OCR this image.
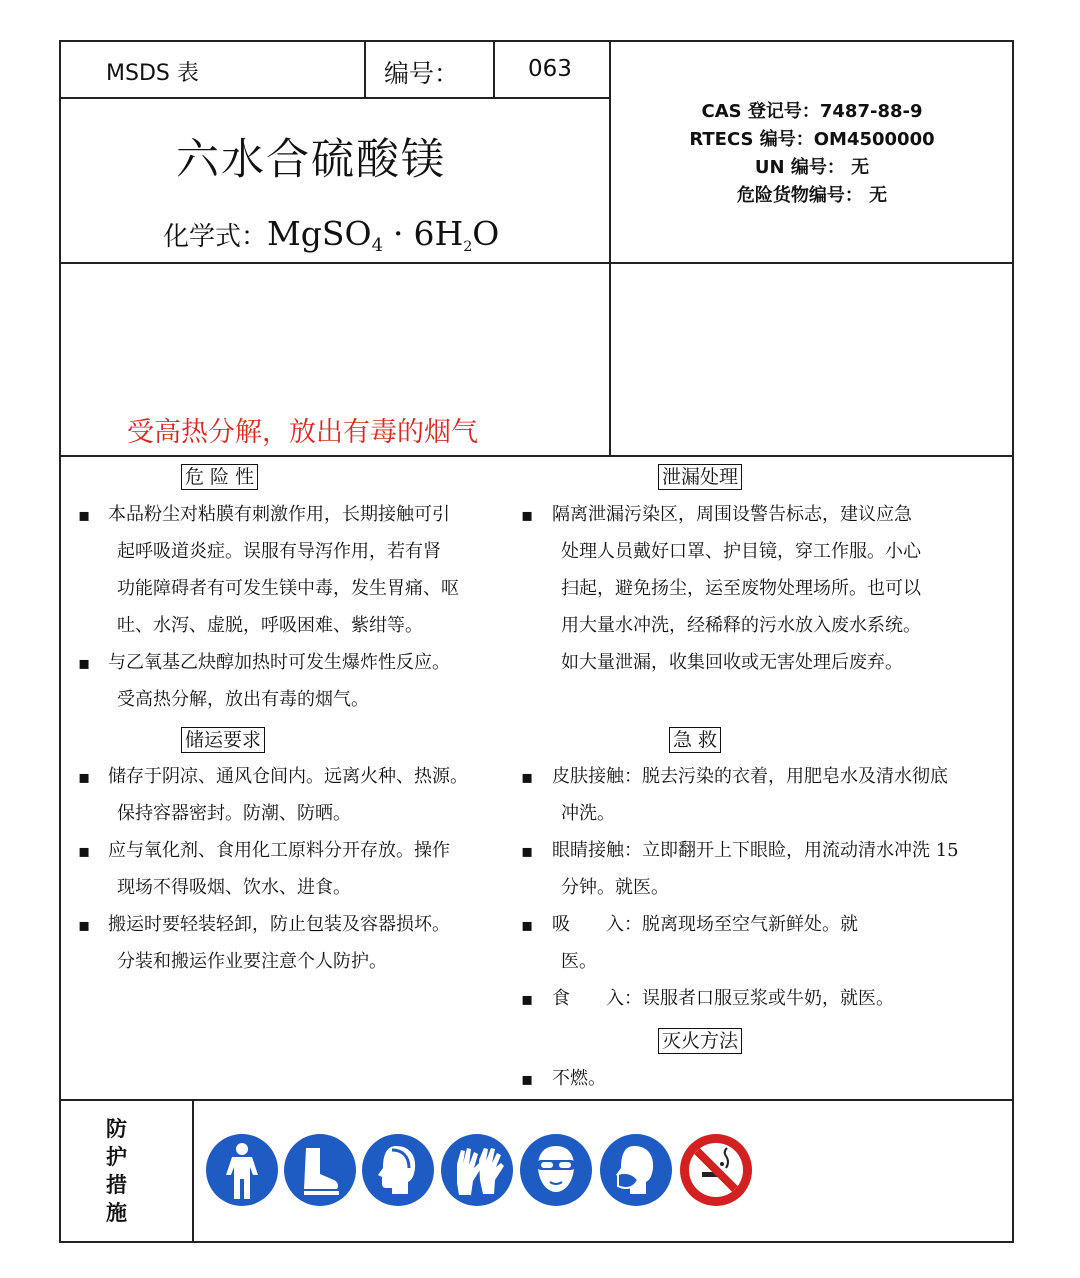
MSDS 表	编号：	063
六水合硫酸镁
化学式：MgSO$_4$ · $6H_2O$
CAS 登记号：7487-88-9
RTECS 编号：OM4500000
UN 编号： 无
危险货物编号： 无
受高热分解，放出有毒的烟气
危 险 性
▪ 本品粉尘对粘膜有刺激作用，长期接触可引
起呼吸道炎症。误服有导泻作用，若有肾
功能障碍者有可发生镁中毒，发生胃痛、呕
吐、水泻、虚脱，呼吸困难、紫绀等。
▪ 与乙氧基乙炔醇加热时可发生爆炸性反应。
受高热分解，放出有毒的烟气。
储运要求
▪ 储存于阴凉、通风仓间内。远离火种、热源。
保持容器密封。防潮、防晒。
▪ 应与氧化剂、食用化工原料分开存放。操作
现场不得吸烟、饮水、进食。
▪ 搬运时要轻装轻卸，防止包装及容器损坏。
分装和搬运作业要注意个人防护。
泄漏处理
▪ 隔离泄漏污染区，周围设警告标志，建议应急
处理人员戴好口罩、护目镜，穿工作服。小心
扫起，避免扬尘，运至废物处理场所。也可以
用大量水冲洗，经稀释的污水放入废水系统。
如大量泄漏，收集回收或无害处理后废弃。
急 救
▪ 皮肤接触：脱去污染的衣着，用肥皂水及清水彻底
冲洗。
▪ 眼睛接触：立即翻开上下眼睑，用流动清水冲洗 15
分钟。就医。
▪ 吸　　入：脱离现场至空气新鲜处。就
医。
▪ 食　　入：误服者口服豆浆或牛奶，就医。
灭火方法
▪ 不燃。
防
护
措
施
